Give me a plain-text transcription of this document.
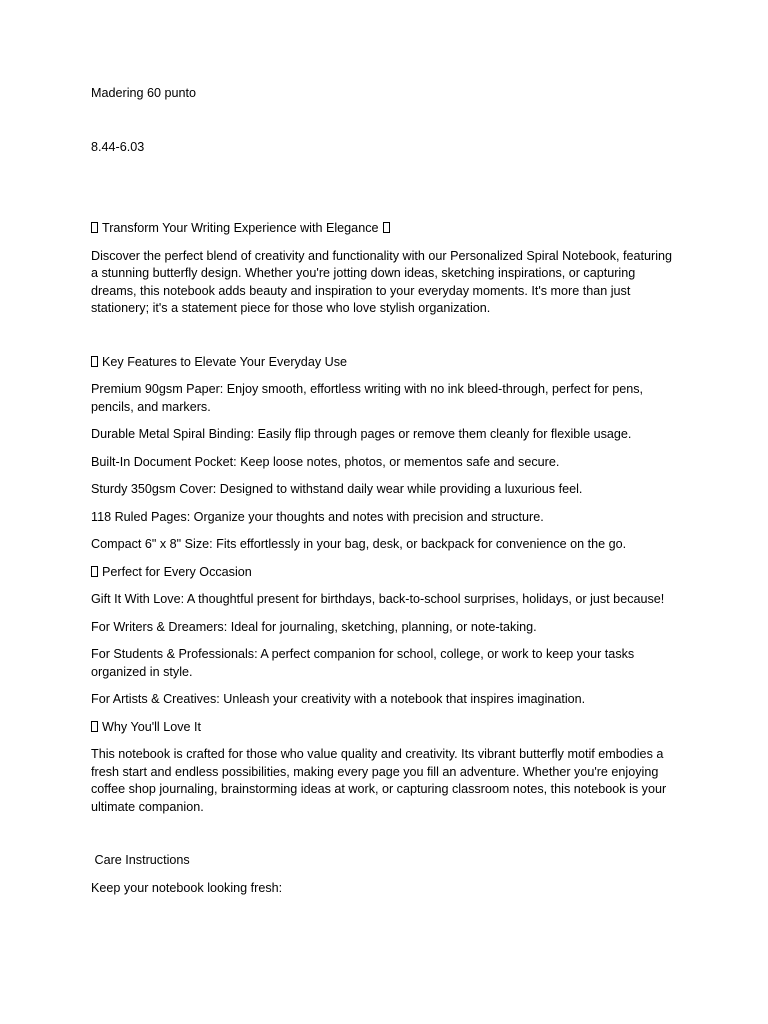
Madering 60 punto

8.44-6.03

Transform Your Writing Experience with Elegance

Discover the perfect blend of creativity and functionality with our Personalized Spiral Notebook, featuring a stunning butterfly design. Whether you're jotting down ideas, sketching inspirations, or capturing dreams, this notebook adds beauty and inspiration to your everyday moments. It's more than just stationery; it's a statement piece for those who love stylish organization.

Key Features to Elevate Your Everyday Use

Premium 90gsm Paper: Enjoy smooth, effortless writing with no ink bleed-through, perfect for pens, pencils, and markers.

Durable Metal Spiral Binding: Easily flip through pages or remove them cleanly for flexible usage.

Built-In Document Pocket: Keep loose notes, photos, or mementos safe and secure.

Sturdy 350gsm Cover: Designed to withstand daily wear while providing a luxurious feel.

118 Ruled Pages: Organize your thoughts and notes with precision and structure.

Compact 6" x 8" Size: Fits effortlessly in your bag, desk, or backpack for convenience on the go.

Perfect for Every Occasion

Gift It With Love: A thoughtful present for birthdays, back-to-school surprises, holidays, or just because!

For Writers & Dreamers: Ideal for journaling, sketching, planning, or note-taking.

For Students & Professionals: A perfect companion for school, college, or work to keep your tasks organized in style.

For Artists & Creatives: Unleash your creativity with a notebook that inspires imagination.

Why You'll Love It

This notebook is crafted for those who value quality and creativity. Its vibrant butterfly motif embodies a fresh start and endless possibilities, making every page you fill an adventure. Whether you're enjoying coffee shop journaling, brainstorming ideas at work, or capturing classroom notes, this notebook is your ultimate companion.

Care Instructions

Keep your notebook looking fresh:
